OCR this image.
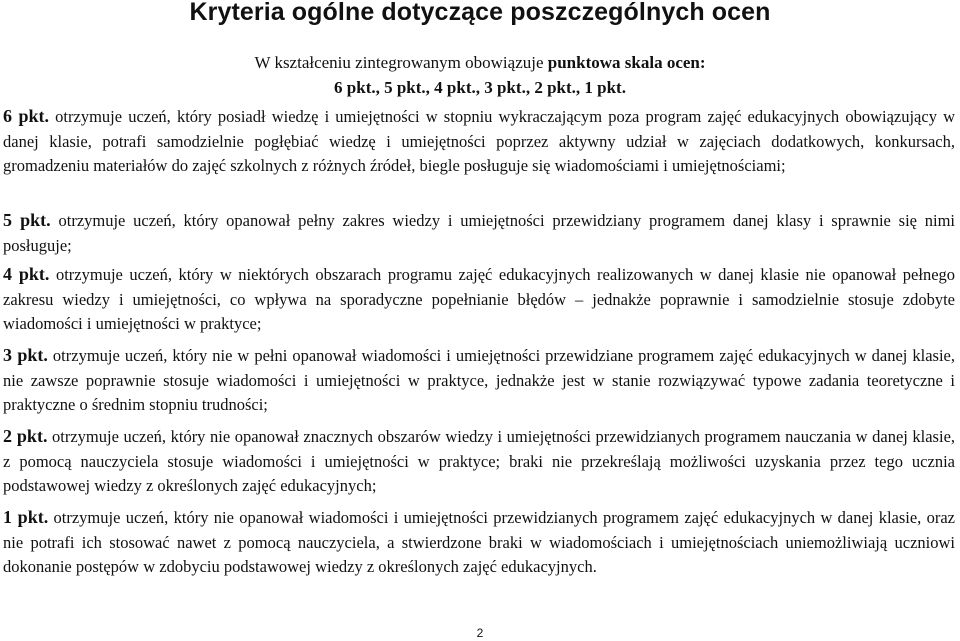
Kryteria ogólne dotyczące poszczególnych ocen
W kształceniu zintegrowanym obowiązuje punktowa skala ocen:
6 pkt., 5 pkt., 4 pkt., 3 pkt., 2 pkt., 1 pkt.

6 pkt. otrzymuje uczeń, który posiadł wiedzę i umiejętności w stopniu wykraczającym poza program zajęć edukacyjnych obowiązujący w danej klasie, potrafi samodzielnie pogłębiać wiedzę i umiejętności poprzez aktywny udział w zajęciach dodatkowych, konkursach, gromadzeniu materiałów do zajęć szkolnych z różnych źródeł, biegle posługuje się wiadomościami i umiejętnościami;

5 pkt. otrzymuje uczeń, który opanował pełny zakres wiedzy i umiejętności przewidziany programem danej klasy i sprawnie się nimi posługuje;

4 pkt. otrzymuje uczeń, który w niektórych obszarach programu zajęć edukacyjnych realizowanych w danej klasie nie opanował pełnego zakresu wiedzy i umiejętności, co wpływa na sporadyczne popełnianie błędów – jednakże poprawnie i samodzielnie stosuje zdobyte wiadomości i umiejętności w praktyce;

3 pkt. otrzymuje uczeń, który nie w pełni opanował wiadomości i umiejętności przewidziane programem zajęć edukacyjnych w danej klasie, nie zawsze poprawnie stosuje wiadomości i umiejętności w praktyce, jednakże jest w stanie rozwiązywać typowe zadania teoretyczne i praktyczne o średnim stopniu trudności;

2 pkt. otrzymuje uczeń, który nie opanował znacznych obszarów wiedzy i umiejętności przewidzianych programem nauczania w danej klasie, z pomocą nauczyciela stosuje wiadomości i umiejętności w praktyce; braki nie przekreślają możliwości uzyskania przez tego ucznia podstawowej wiedzy z określonych zajęć edukacyjnych;

1 pkt. otrzymuje uczeń, który nie opanował wiadomości i umiejętności przewidzianych programem zajęć edukacyjnych w danej klasie, oraz nie potrafi ich stosować nawet z pomocą nauczyciela, a stwierdzone braki w wiadomościach i umiejętnościach uniemożliwiają uczniowi dokonanie postępów w zdobyciu podstawowej wiedzy z określonych zajęć edukacyjnych.

2
